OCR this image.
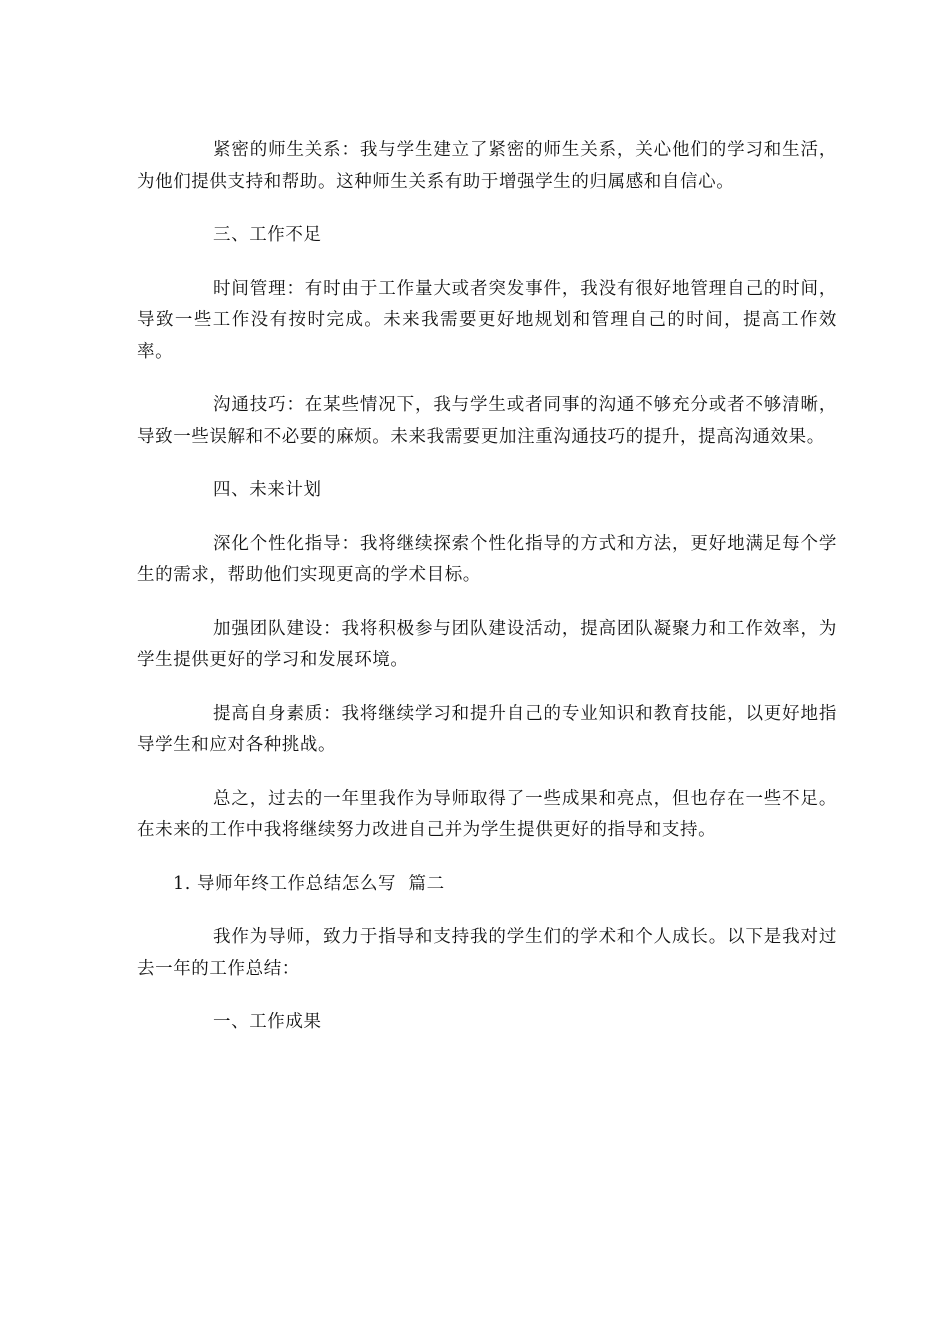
紧密的师生关系：我与学生建立了紧密的师生关系，关心他们的学习和生活，为他们提供支持和帮助。这种师生关系有助于增强学生的归属感和自信心。

三、工作不足

时间管理：有时由于工作量大或者突发事件，我没有很好地管理自己的时间，导致一些工作没有按时完成。未来我需要更好地规划和管理自己的时间，提高工作效率。

沟通技巧：在某些情况下，我与学生或者同事的沟通不够充分或者不够清晰，导致一些误解和不必要的麻烦。未来我需要更加注重沟通技巧的提升，提高沟通效果。

四、未来计划

深化个性化指导：我将继续探索个性化指导的方式和方法，更好地满足每个学生的需求，帮助他们实现更高的学术目标。

加强团队建设：我将积极参与团队建设活动，提高团队凝聚力和工作效率，为学生提供更好的学习和发展环境。

提高自身素质：我将继续学习和提升自己的专业知识和教育技能，以更好地指导学生和应对各种挑战。

总之，过去的一年里我作为导师取得了一些成果和亮点，但也存在一些不足。在未来的工作中我将继续努力改进自己并为学生提供更好的指导和支持。

1. 导师年终工作总结怎么写  篇二

我作为导师，致力于指导和支持我的学生们的学术和个人成长。以下是我对过去一年的工作总结：

一、工作成果
